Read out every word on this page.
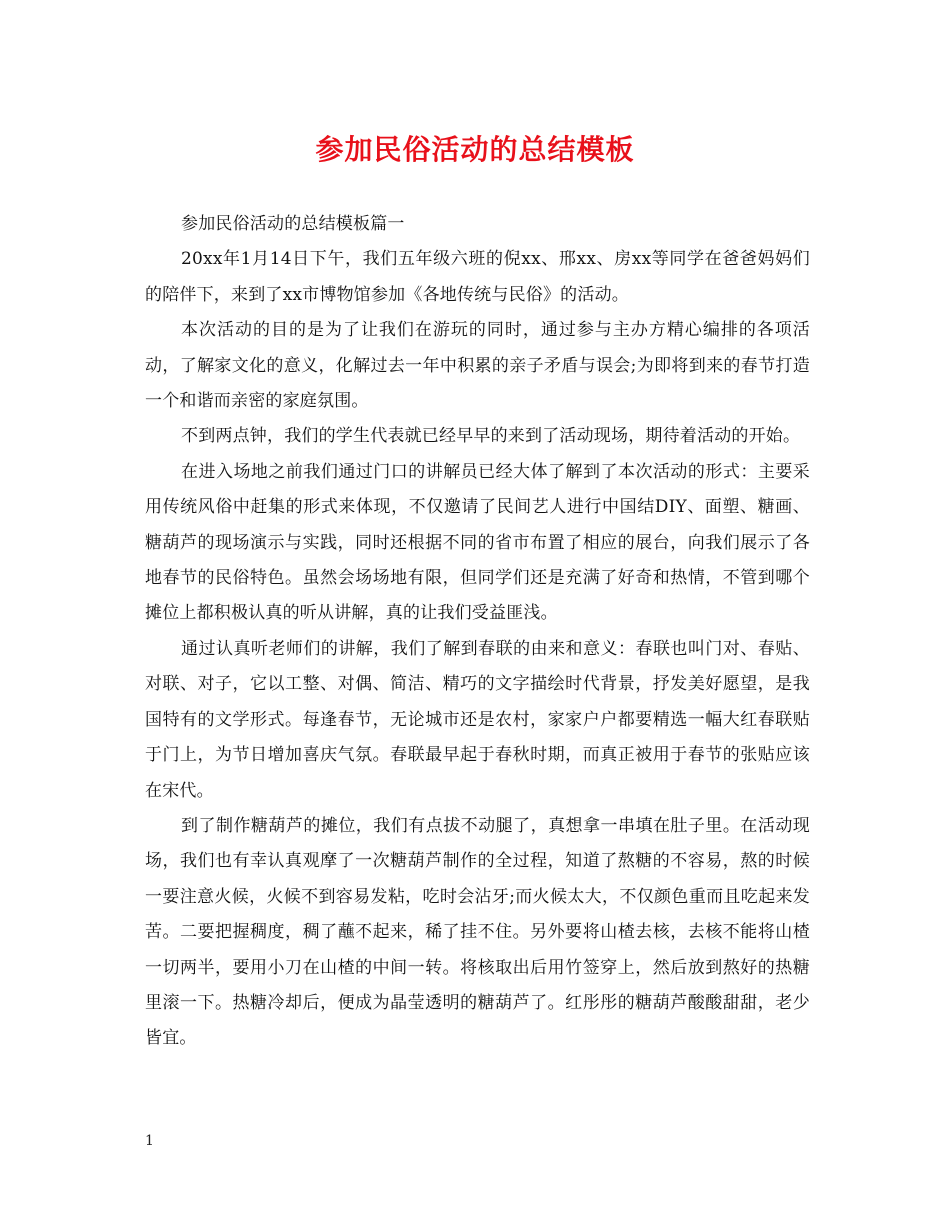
参加民俗活动的总结模板

参加民俗活动的总结模板篇一

20xx年1月14日下午，我们五年级六班的倪xx、邢xx、房xx等同学在爸爸妈妈们的陪伴下，来到了xx市博物馆参加《各地传统与民俗》的活动。

本次活动的目的是为了让我们在游玩的同时，通过参与主办方精心编排的各项活动，了解家文化的意义，化解过去一年中积累的亲子矛盾与误会;为即将到来的春节打造一个和谐而亲密的家庭氛围。

不到两点钟，我们的学生代表就已经早早的来到了活动现场，期待着活动的开始。

在进入场地之前我们通过门口的讲解员已经大体了解到了本次活动的形式：主要采用传统风俗中赶集的形式来体现，不仅邀请了民间艺人进行中国结DIY、面塑、糖画、糖葫芦的现场演示与实践，同时还根据不同的省市布置了相应的展台，向我们展示了各地春节的民俗特色。虽然会场场地有限，但同学们还是充满了好奇和热情，不管到哪个摊位上都积极认真的听从讲解，真的让我们受益匪浅。

通过认真听老师们的讲解，我们了解到春联的由来和意义：春联也叫门对、春贴、对联、对子，它以工整、对偶、简洁、精巧的文字描绘时代背景，抒发美好愿望，是我国特有的文学形式。每逢春节，无论城市还是农村，家家户户都要精选一幅大红春联贴于门上，为节日增加喜庆气氛。春联最早起于春秋时期，而真正被用于春节的张贴应该在宋代。

到了制作糖葫芦的摊位，我们有点拔不动腿了，真想拿一串填在肚子里。在活动现场，我们也有幸认真观摩了一次糖葫芦制作的全过程，知道了熬糖的不容易，熬的时候一要注意火候，火候不到容易发粘，吃时会沾牙;而火候太大，不仅颜色重而且吃起来发苦。二要把握稠度，稠了蘸不起来，稀了挂不住。另外要将山楂去核，去核不能将山楂一切两半，要用小刀在山楂的中间一转。将核取出后用竹签穿上，然后放到熬好的热糖里滚一下。热糖冷却后，便成为晶莹透明的糖葫芦了。红彤彤的糖葫芦酸酸甜甜，老少皆宜。

1
